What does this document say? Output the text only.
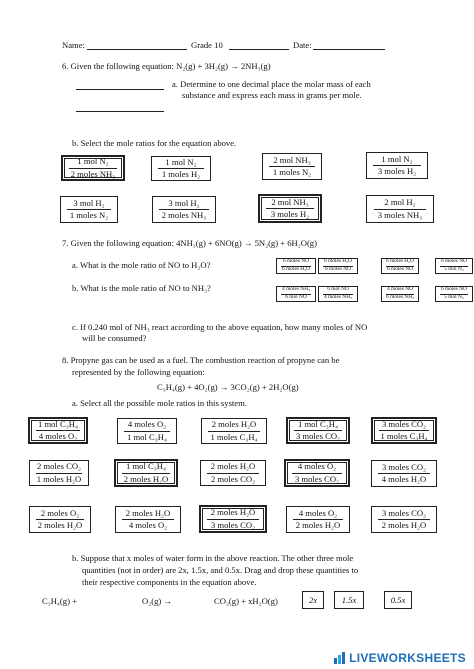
Name:	Grade 10	Date:
6. Given the following equation: N₂(g) + 3H₂(g) → 2NH₃(g)
a. Determine to one decimal place the molar mass of each
substance and express each mass in grams per mole.
b. Select the mole ratios for the equation above.
1 mol N₂
2 moles NH₃
1 mol N₂
1 moles H₂
2 mol NH₃
1 moles N₂
1 mol N₂
3 moles H₂
3 mol H₂
1 moles N₂
3 mol H₂
2 moles NH₃
2 mol NH₃
3 moles H₂
2 mol H₂
3 moles NH₃
7. Given the following equation: 4NH₃(g) + 6NO(g) → 5N₂(g) + 6H₂O(g)
a. What is the mole ratio of NO to H₂O?
b. What is the mole ratio of NO to NH₃?
6 moles NO
6 moles H₂O
6 moles H₂O
6 moles NO
6 moles H₂O
6 moles NO
6 moles NO
5 mol N₂
4 moles NH₃
6 mol NO
6 mol NO
4 moles NH₃
4 moles NO
6 moles NH₃
6 moles NO
5 mol N₂
c. If 0.240 mol of NH₃ react according to the above equation, how many moles of NO
will be consumed?
8. Propyne gas can be used as a fuel. The combustion reaction of propyne can be
represented by the following equation:
C₃H₄(g) + 4O₂(g) → 3CO₂(g) + 2H₂O(g)
a. Select all the possible mole ratios in this system.
1 mol C₃H₄
4 moles O₂
4 moles O₂
1 mol C₃H₄
2 moles H₂O
1 moles C₃H₄
1 mol C₃H₄
3 moles CO₂
3 moles CO₂
1 moles C₃H₄
2 moles CO₂
1 moles H₂O
1 mol C₃H₄
2 moles H₂O
2 moles H₂O
2 moles CO₂
4 moles O₂
3 moles CO₂
3 moles CO₂
4 moles H₂O
2 moles O₂
2 moles H₂O
2 moles H₂O
4 moles O₂
2 moles H₂O
3 moles CO₂
4 moles O₂
2 moles H₂O
3 moles CO₂
2 moles H₂O
b. Suppose that x moles of water form in the above reaction. The other three mole
quantities (not in order) are 2x, 1.5x, and 0.5x. Drag and drop these quantities to
their respective components in the equation above.
C₃H₄(g) +	O₂(g) →	CO₂(g) + xH₂O(g)	2x	1.5x	0.5x
LIVEWORKSHEETS
